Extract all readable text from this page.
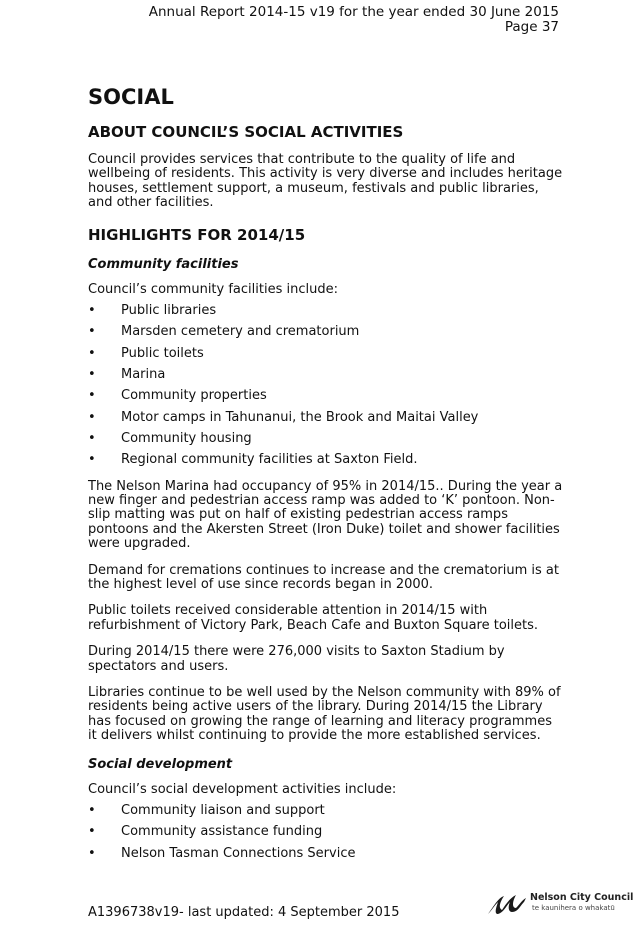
Annual Report 2014-15 v19 for the year ended 30 June 2015
Page 37
SOCIAL
ABOUT COUNCIL’S SOCIAL ACTIVITIES

Council provides services that contribute to the quality of life and wellbeing of residents. This activity is very diverse and includes heritage houses, settlement support, a museum, festivals and public libraries, and other facilities.

HIGHLIGHTS FOR 2014/15
Community facilities

Council’s community facilities include:

• Public libraries
• Marsden cemetery and crematorium
• Public toilets
• Marina
• Community properties
• Motor camps in Tahunanui, the Brook and Maitai Valley
• Community housing
• Regional community facilities at Saxton Field.

The Nelson Marina had occupancy of 95% in 2014/15.. During the year a new finger and pedestrian access ramp was added to ‘K’ pontoon. Non-slip matting was put on half of existing pedestrian access ramps pontoons and the Akersten Street (Iron Duke) toilet and shower facilities were upgraded.

Demand for cremations continues to increase and the crematorium is at the highest level of use since records began in 2000.

Public toilets received considerable attention in 2014/15 with refurbishment of Victory Park, Beach Cafe and Buxton Square toilets.

During 2014/15 there were 276,000 visits to Saxton Stadium by spectators and users.

Libraries continue to be well used by the Nelson community with 89% of residents being active users of the library. During 2014/15 the Library has focused on growing the range of learning and literacy programmes it delivers whilst continuing to provide the more established services.

Social development

Council’s social development activities include:

• Community liaison and support
• Community assistance funding
• Nelson Tasman Connections Service
A1396738v19- last updated: 4 September 2015
Nelson City Council
te kaunihera o whakatū
